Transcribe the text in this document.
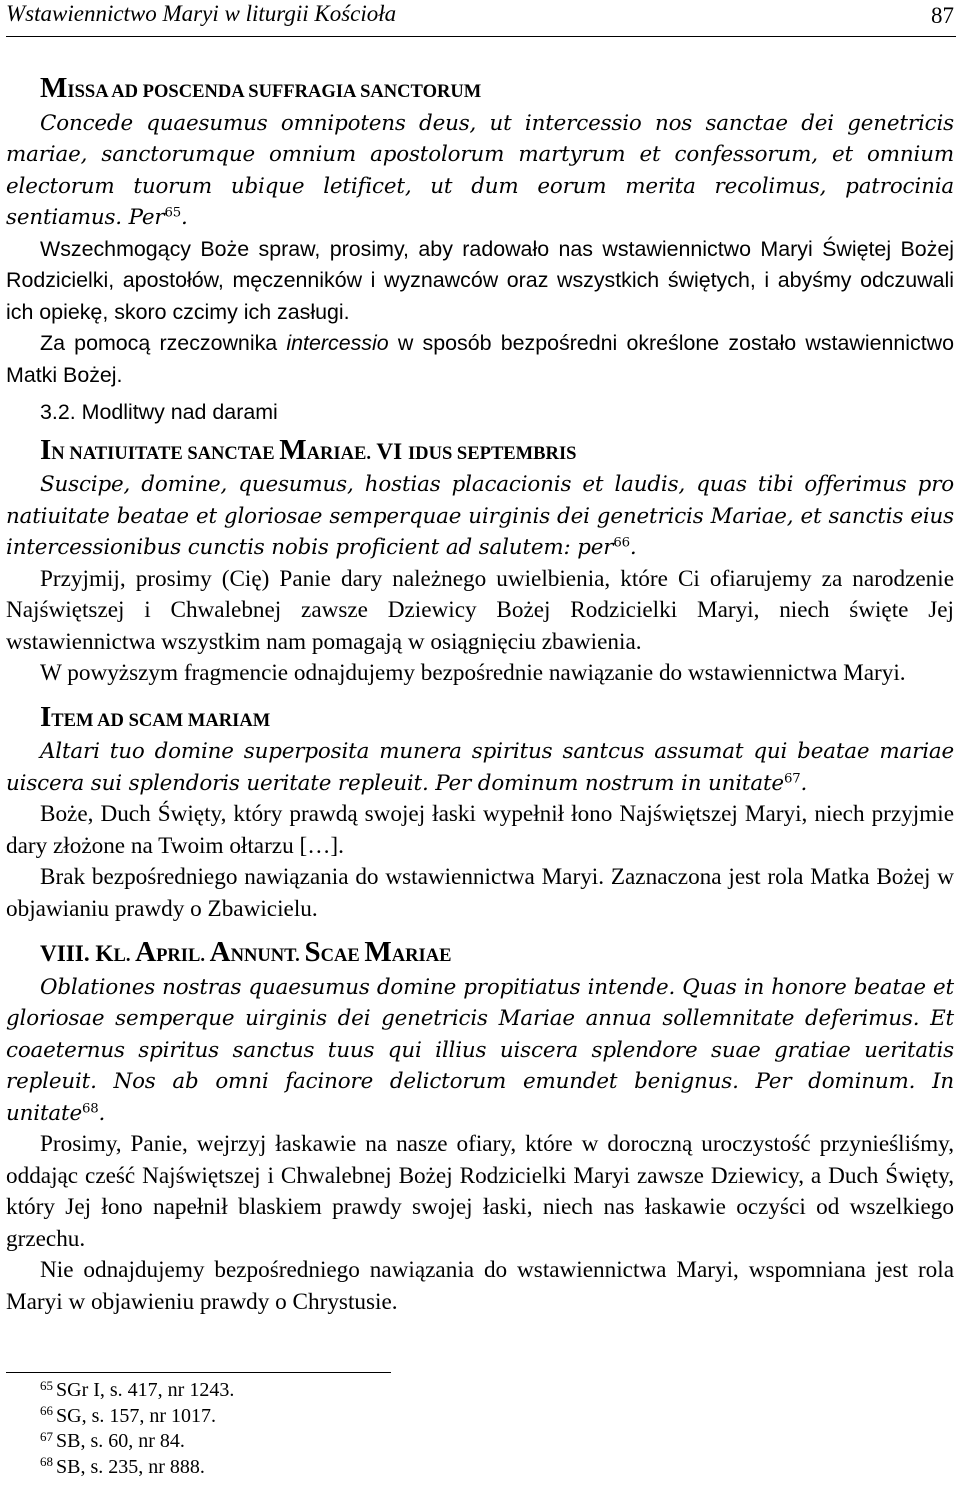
Wstawiennictwo Maryi w liturgii Kościoła	87

MISSA AD POSCENDA SUFFRAGIA SANCTORUM

Concede quaesumus omnipotens deus, ut intercessio nos sanctae dei genetricis mariae, sanctorumque omnium apostolorum martyrum et confessorum, et omnium electorum tuorum ubique letificet, ut dum eorum merita recolimus, patrocinia sentiamus. Per$^{65}$.

Wszechmogący Boże spraw, prosimy, aby radowało nas wstawiennictwo Maryi Świętej Bożej Rodzicielki, apostołów, męczenników i wyznawców oraz wszystkich świętych, i abyśmy odczuwali ich opiekę, skoro czcimy ich zasługi.

Za pomocą rzeczownika intercessio w sposób bezpośredni określone zostało wstawiennictwo Matki Bożej.

3.2. Modlitwy nad darami

IN NATIUITATE SANCTAE MARIAE. VI IDUS SEPTEMBRIS

Suscipe, domine, quesumus, hostias placacionis et laudis, quas tibi offerimus pro natiuitate beatae et gloriosae semperquae uirginis dei genetricis Mariae, et sanctis eius intercessionibus cunctis nobis proficient ad salutem: per$^{66}$.

Przyjmij, prosimy (Cię) Panie dary należnego uwielbienia, które Ci ofiarujemy za narodzenie Najświętszej i Chwalebnej zawsze Dziewicy Bożej Rodzicielki Maryi, niech święte Jej wstawiennictwa wszystkim nam pomagają w osiągnięciu zbawienia.

W powyższym fragmencie odnajdujemy bezpośrednie nawiązanie do wstawiennictwa Maryi.

ITEM AD SCAM MARIAM

Altari tuo domine superposita munera spiritus santcus assumat qui beatae mariae uiscera sui splendoris ueritate repleuit. Per dominum nostrum in unitate$^{67}$.

Boże, Duch Święty, który prawdą swojej łaski wypełnił łono Najświętszej Maryi, niech przyjmie dary złożone na Twoim ołtarzu […].

Brak bezpośredniego nawiązania do wstawiennictwa Maryi. Zaznaczona jest rola Matka Bożej w objawianiu prawdy o Zbawicielu.

VIII. KL. APRIL. ANNUNT. SCAE MARIAE

Oblationes nostras quaesumus domine propitiatus intende. Quas in honore beatae et gloriosae semperque uirginis dei genetricis Mariae annua sollemnitate deferimus. Et coaeternus spiritus sanctus tuus qui illius uiscera splendore suae gratiae ueritatis repleuit. Nos ab omni facinore delictorum emundet benignus. Per dominum. In unitate$^{68}$.

Prosimy, Panie, wejrzyj łaskawie na nasze ofiary, które w doroczną uroczystość przynieśliśmy, oddając cześć Najświętszej i Chwalebnej Bożej Rodzicielki Maryi zawsze Dziewicy, a Duch Święty, który Jej łono napełnił blaskiem prawdy swojej łaski, niech nas łaskawie oczyści od wszelkiego grzechu.

Nie odnajdujemy bezpośredniego nawiązania do wstawiennictwa Maryi, wspomniana jest rola Maryi w objawieniu prawdy o Chrystusie.

$^{65}$ SGr I, s. 417, nr 1243.
$^{66}$ SG, s. 157, nr 1017.
$^{67}$ SB, s. 60, nr 84.
$^{68}$ SB, s. 235, nr 888.
